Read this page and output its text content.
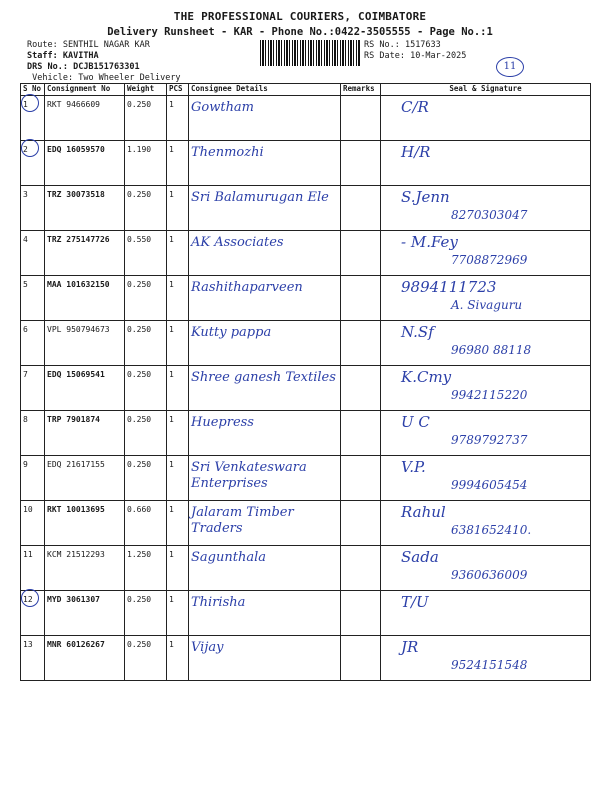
THE PROFESSIONAL COURIERS, COIMBATORE
Delivery Runsheet - KAR - Phone No.:0422-3505555 - Page No.:1
Route: SENTHIL NAGAR KAR
Staff: KAVITHA
DRS No.: DCJB151763301
Vehicle: Two Wheeler Delivery
RS No.: 1517633
RS Date: 10-Mar-2025
11
S No	Consignment No	Weight	PCS	Consignee Details	Remarks	Seal & Signature

1	RKT 9466609	0.250	1	Gowtham		C/R

2	EDQ 16059570	1.190	1	Thenmozhi		H/R

3	TRZ 30073518	0.250	1	Sri Balamurugan Ele		S.Jenn
8270303047

4	TRZ 275147726	0.550	1	AK Associates		- M.Fey
7708872969

5	MAA 101632150	0.250	1	Rashithaparveen		9894111723
A. Sivaguru

6	VPL 950794673	0.250	1	Kutty pappa		N.Sf
96980 88118

7	EDQ 15069541	0.250	1	Shree ganesh Textiles		K.Cmy
9942115220

8	TRP 7901874	0.250	1	Huepress		U C
9789792737

9	EDQ 21617155	0.250	1	Sri Venkateswara Enterprises		V.P.
9994605454

10	RKT 10013695	0.660	1	Jalaram Timber Traders		Rahul
6381652410.

11	KCM 21512293	1.250	1	Sagunthala		Sada
9360636009

12	MYD 3061307	0.250	1	Thirisha		T/U

13	MNR 60126267	0.250	1	Vijay		JR
9524151548
